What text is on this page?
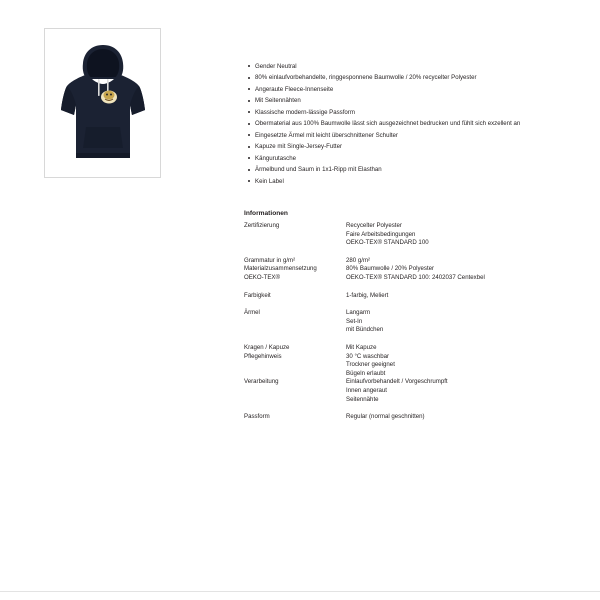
Gender Neutral
80% einlaufvorbehandelte, ringgesponnene Baumwolle / 20% recycelter Polyester
Angeraute Fleece-Innenseite
Mit Seitennähten
Klassische modern-lässige Passform
Obermaterial aus 100% Baumwolle lässt sich ausgezeichnet bedrucken und fühlt sich exzellent an
Eingesetzte Ärmel mit leicht überschnittener Schulter
Kapuze mit Single-Jersey-Futter
Kängurutasche
Ärmelbund und Saum in 1x1-Ripp mit Elasthan
Kein Label
Informationen
Zertifizierung	Recycelter Polyester
Faire Arbeitsbedingungen
OEKO-TEX® STANDARD 100

Grammatur in g/m²	280 g/m²

Materialzusammensetzung	80% Baumwolle / 20% Polyester

OEKO-TEX®	OEKO-TEX® STANDARD 100: 2402037 Centexbel

Farbigkeit	1-farbig, Meliert

Ärmel	Langarm
Set-In
mit Bündchen

Kragen / Kapuze	Mit Kapuze

Pflegehinweis	30 °C waschbar
Trockner geeignet
Bügeln erlaubt

Verarbeitung	Einlaufvorbehandelt / Vorgeschrumpft
Innen angeraut
Seitennähte

Passform	Regular (normal geschnitten)
